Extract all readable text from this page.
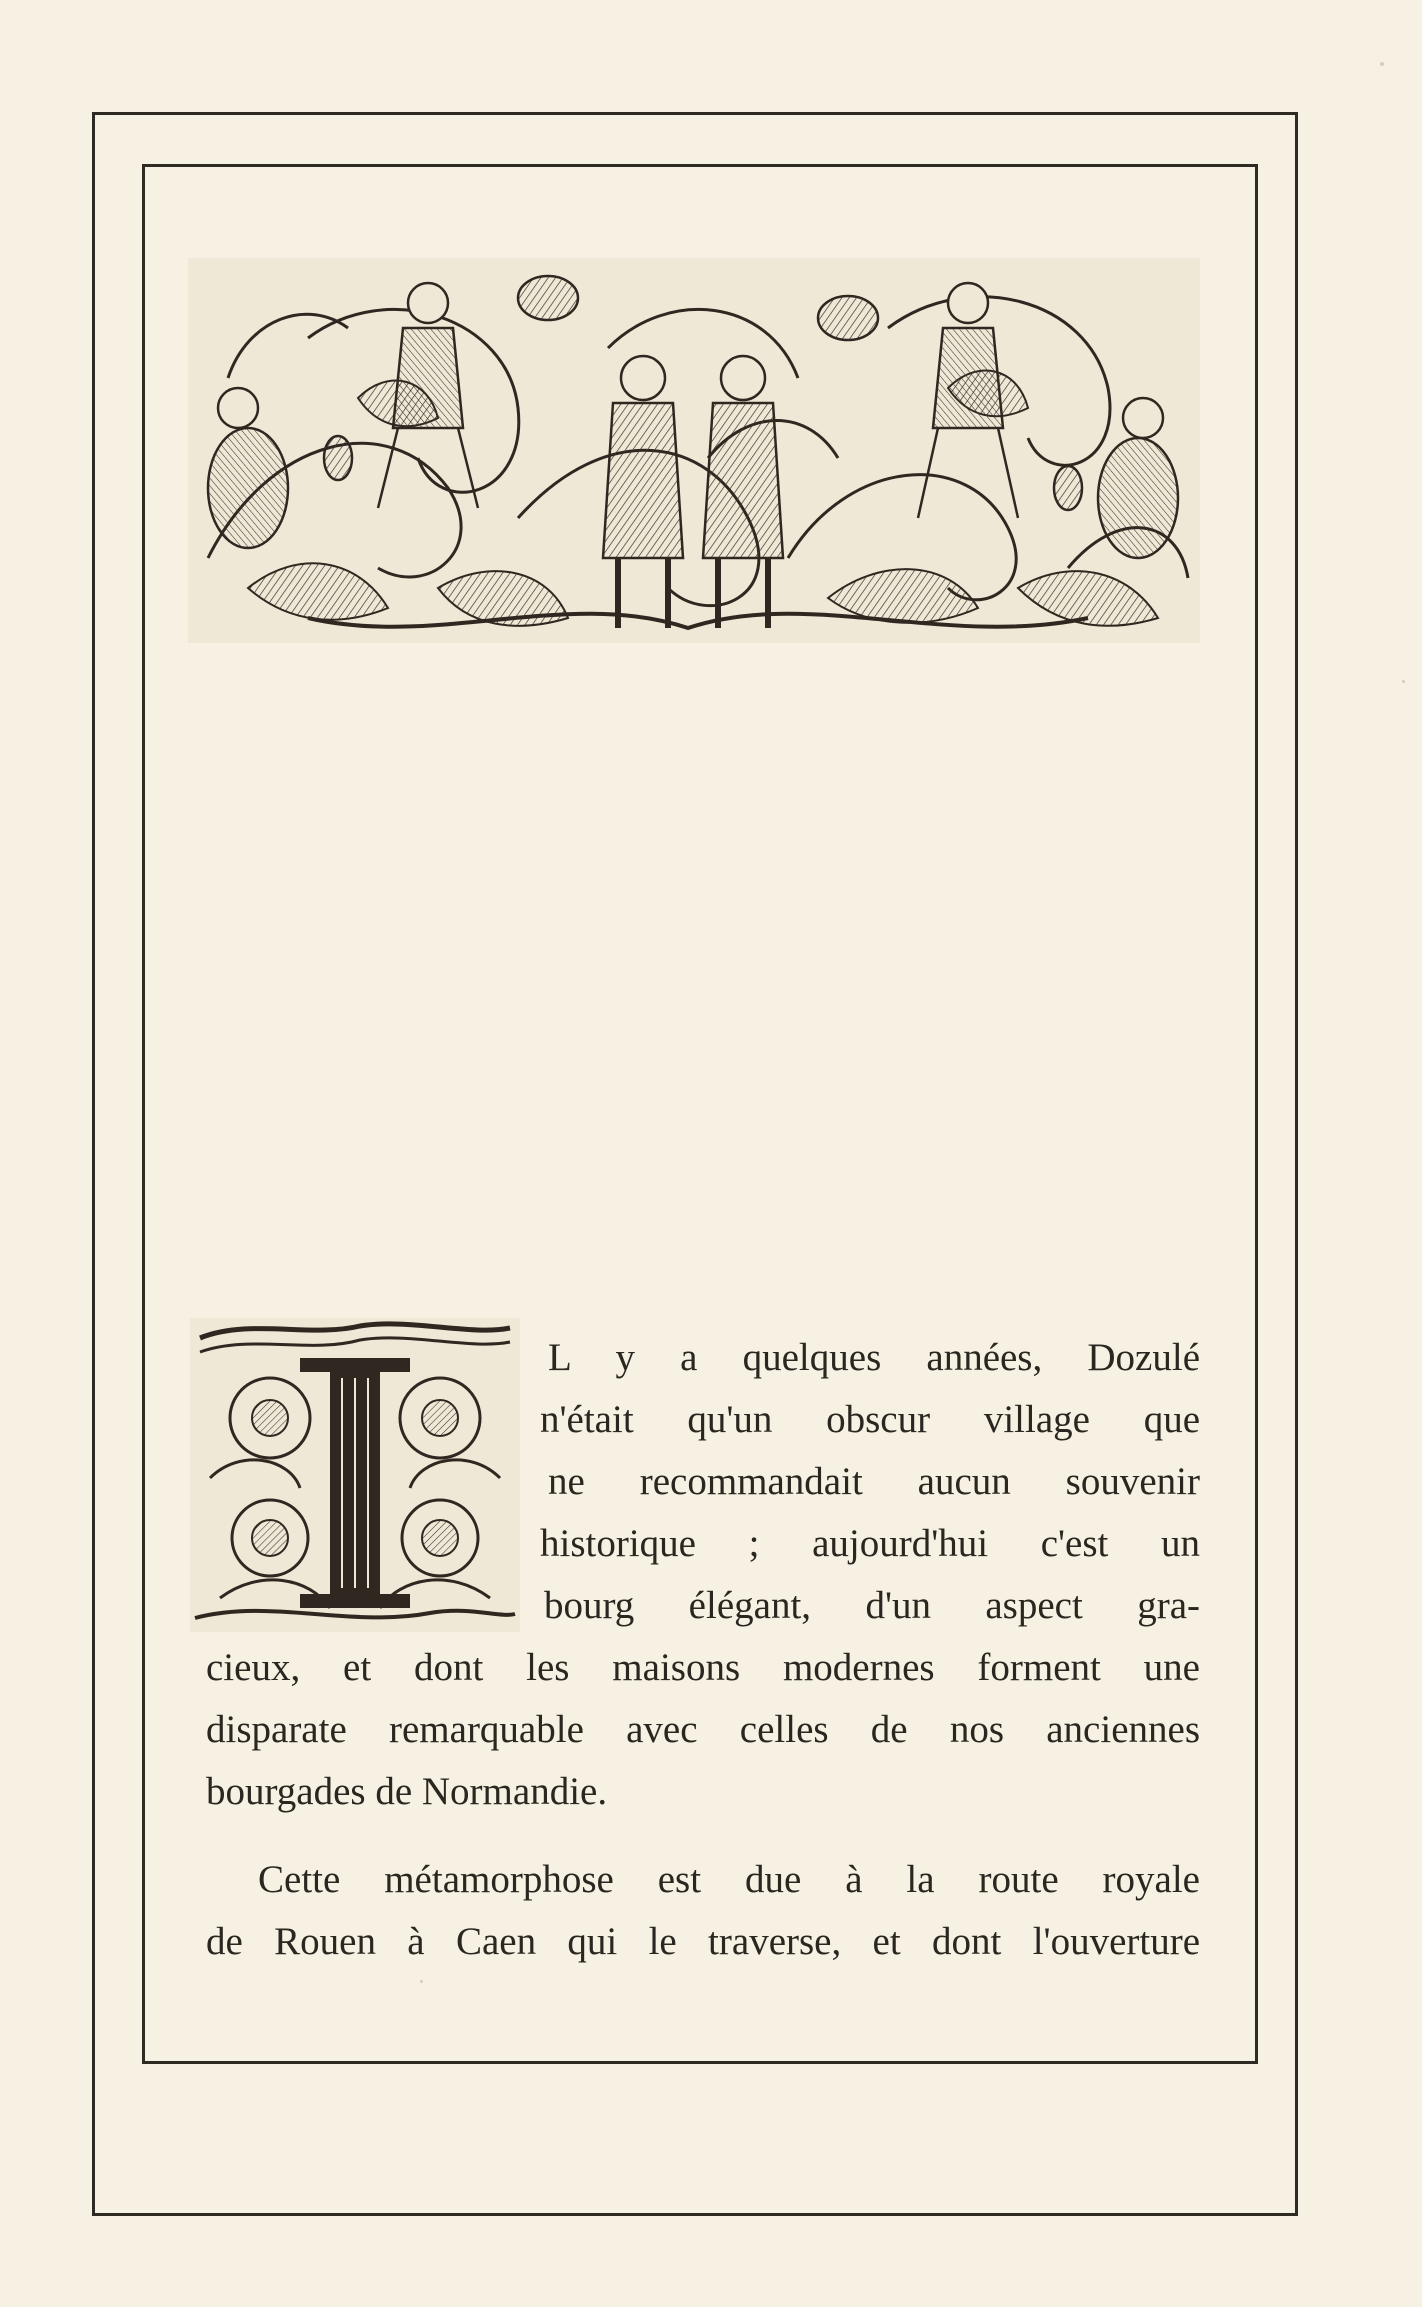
L y a quelques années, Dozulé
n'était qu'un obscur village que
ne recommandait aucun souvenir
historique ; aujourd'hui c'est un
bourg élégant, d'un aspect gra-
cieux, et dont les maisons modernes forment une
disparate remarquable avec celles de nos anciennes
bourgades de Normandie.
Cette métamorphose est due à la route royale
de Rouen à Caen qui le traverse, et dont l'ouverture
